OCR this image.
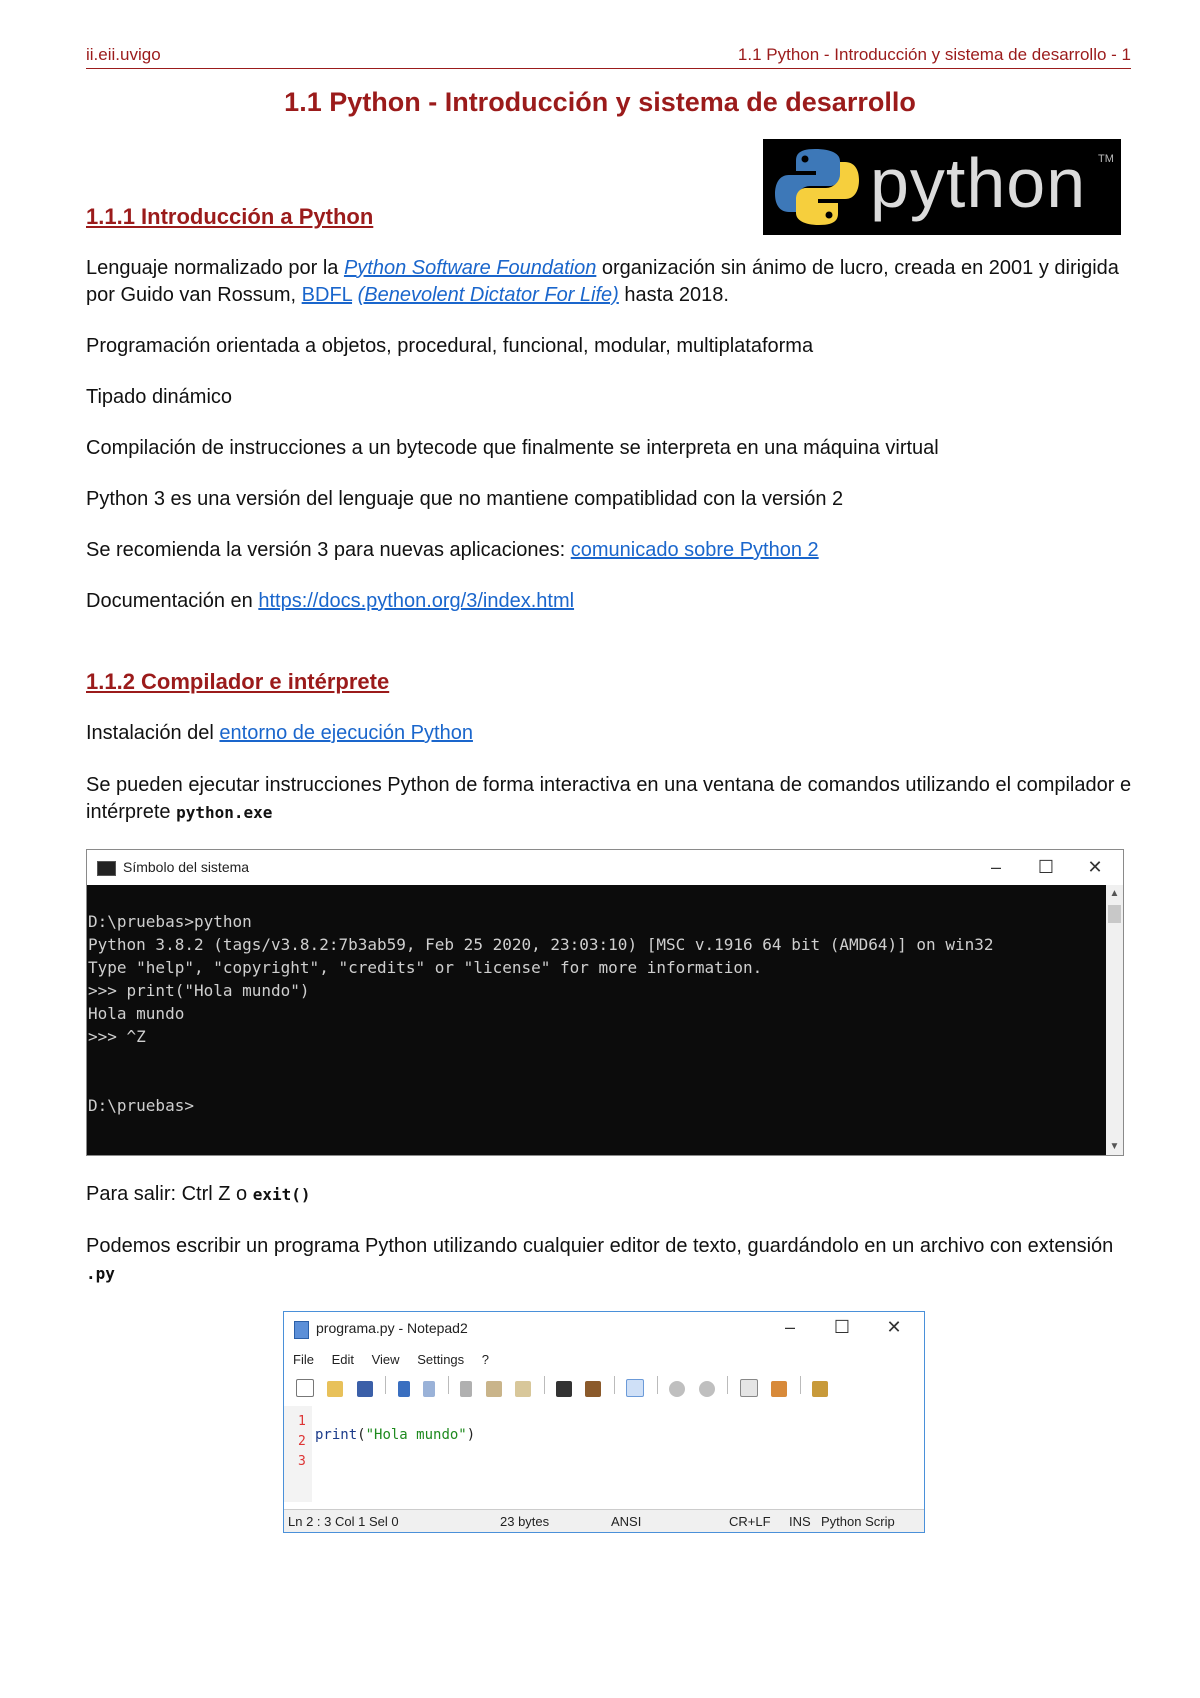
ii.eii.uvigo	1.1 Python - Introducción y sistema de desarrollo - 1
1.1 Python - Introducción y sistema de desarrollo
python TM
1.1.1 Introducción a Python
Lenguaje normalizado por la Python Software Foundation organización sin ánimo de lucro, creada en 2001 y dirigida por Guido van Rossum, BDFL (Benevolent Dictator For Life) hasta 2018.
Programación orientada a objetos, procedural, funcional, modular, multiplataforma
Tipado dinámico
Compilación de instrucciones a un bytecode que finalmente se interpreta en una máquina virtual
Python 3 es una versión del lenguaje que no mantiene compatiblidad con la versión 2
Se recomienda la versión 3 para nuevas aplicaciones: comunicado sobre Python 2
Documentación en https://docs.python.org/3/index.html
1.1.2 Compilador e intérprete
Instalación del entorno de ejecución Python
Se pueden ejecutar instrucciones Python de forma interactiva en una ventana de comandos utilizando el compilador e intérprete python.exe
Símbolo del sistema	–	☐	✕
D:\pruebas>python
Python 3.8.2 (tags/v3.8.2:7b3ab59, Feb 25 2020, 23:03:10) [MSC v.1916 64 bit (AMD64)] on win32
Type "help", "copyright", "credits" or "license" for more information.
>>> print("Hola mundo")
Hola mundo
>>> ^Z
D:\pruebas>
▲
▼
Para salir: Ctrl Z o exit()
Podemos escribir un programa Python utilizando cualquier editor de texto, guardándolo en un archivo con extensión .py
programa.py - Notepad2	–	☐	✕
File Edit View Settings ?

1
2
3
print("Hola mundo")
Ln 2 : 3 Col 1 Sel 0	23 bytes	ANSI	CR+LF INS Python Scrip
